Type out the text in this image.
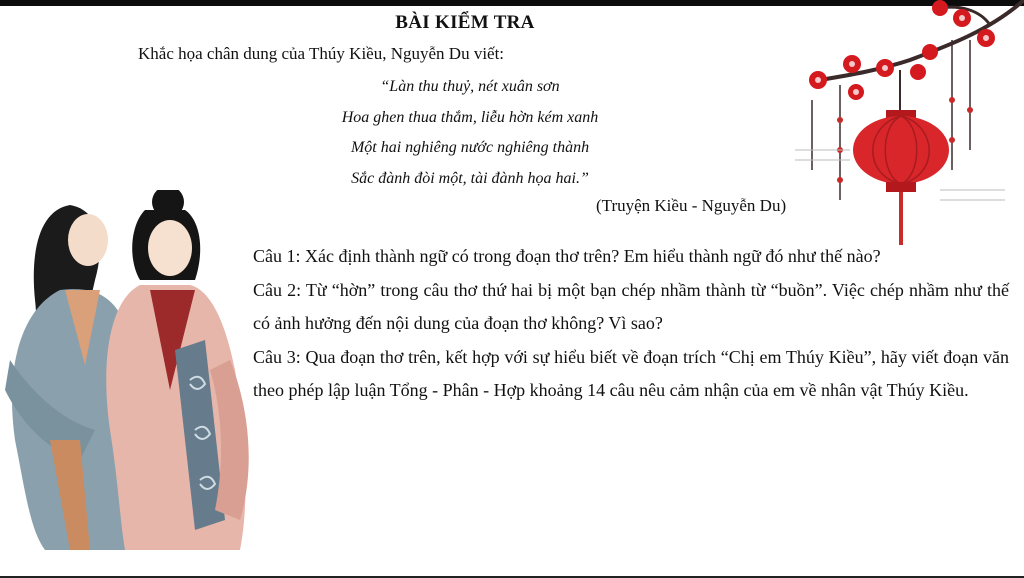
BÀI KIỂM TRA
Khắc họa chân dung của Thúy Kiều, Nguyễn Du viết:
“Làn thu thuỷ, nét xuân sơn
Hoa ghen thua thắm, liễu hờn kém xanh
Một hai nghiêng nước nghiêng thành
Sắc đành đòi một, tài đành họa hai.”
(Truyện Kiều - Nguyễn Du)

Câu 1: Xác định thành ngữ có trong đoạn thơ trên? Em hiểu thành ngữ đó như thế nào?

Câu 2: Từ “hờn” trong câu thơ thứ hai bị một bạn chép nhầm thành từ “buồn”. Việc chép nhầm như thế có ảnh hưởng đến nội dung của đoạn thơ không? Vì sao?

Câu 3: Qua đoạn thơ trên, kết hợp với sự hiểu biết về đoạn trích “Chị em Thúy Kiều”, hãy viết đoạn văn theo phép lập luận Tổng - Phân - Hợp khoảng 14 câu nêu cảm nhận của em về nhân vật Thúy Kiều.
